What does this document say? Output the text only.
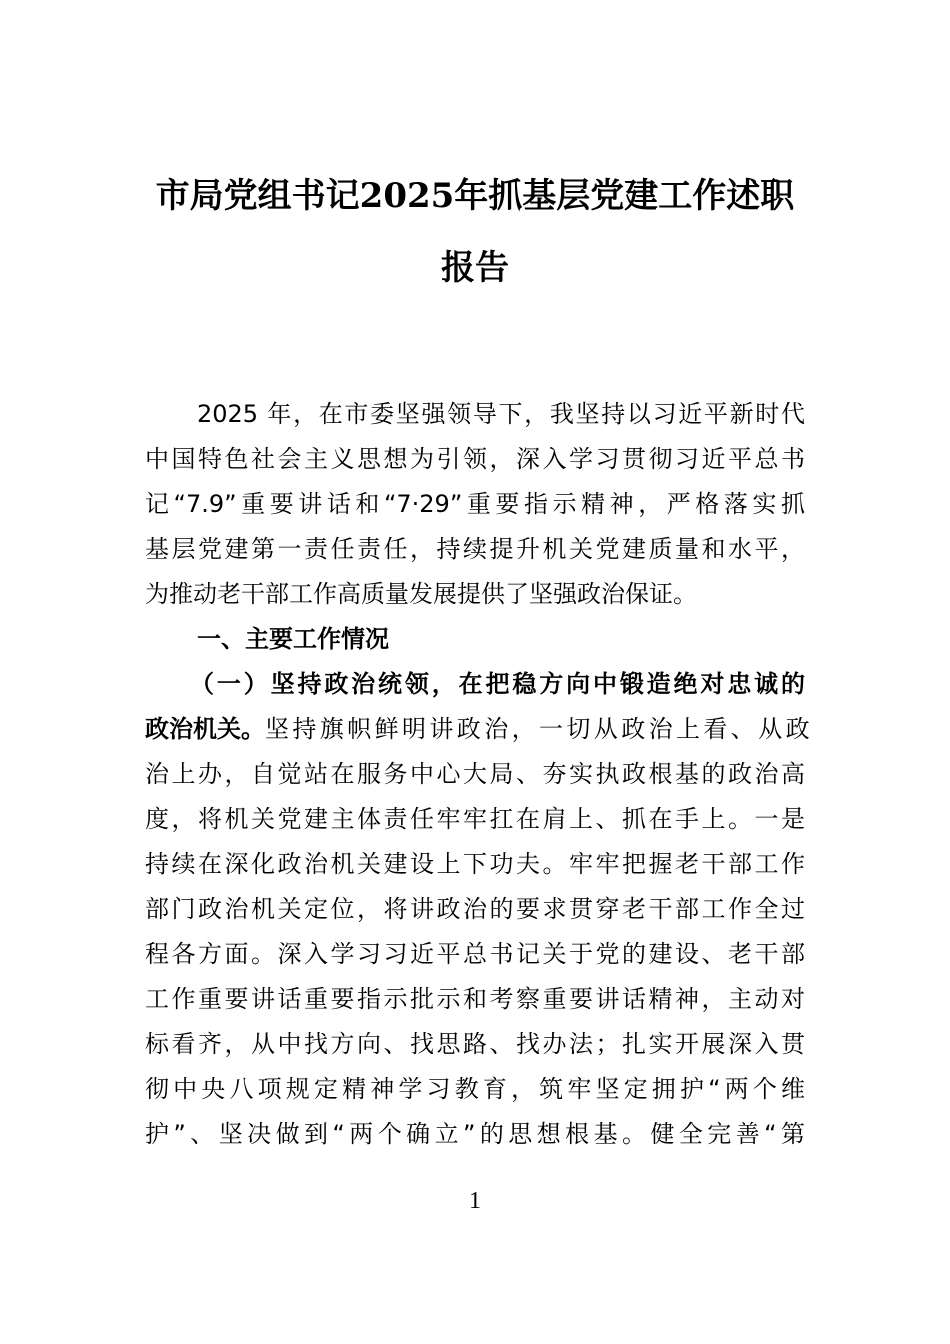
市局党组书记2025年抓基层党建工作述职
报告
2025 年，在市委坚强领导下，我坚持以习近平新时代
中国特色社会主义思想为引领，深入学习贯彻习近平总书
记“7.9”重要讲话和“7·29”重要指示精神，严格落实抓
基层党建第一责任责任，持续提升机关党建质量和水平，
为推动老干部工作高质量发展提供了坚强政治保证。
一、主要工作情况
（一）坚持政治统领，在把稳方向中锻造绝对忠诚的
政治机关。坚持旗帜鲜明讲政治，一切从政治上看、从政
治上办，自觉站在服务中心大局、夯实执政根基的政治高
度，将机关党建主体责任牢牢扛在肩上、抓在手上。一是
持续在深化政治机关建设上下功夫。牢牢把握老干部工作
部门政治机关定位，将讲政治的要求贯穿老干部工作全过
程各方面。深入学习习近平总书记关于党的建设、老干部
工作重要讲话重要指示批示和考察重要讲话精神，主动对
标看齐，从中找方向、找思路、找办法；扎实开展深入贯
彻中央八项规定精神学习教育，筑牢坚定拥护“两个维
护”、坚决做到“两个确立”的思想根基。健全完善“第
1
